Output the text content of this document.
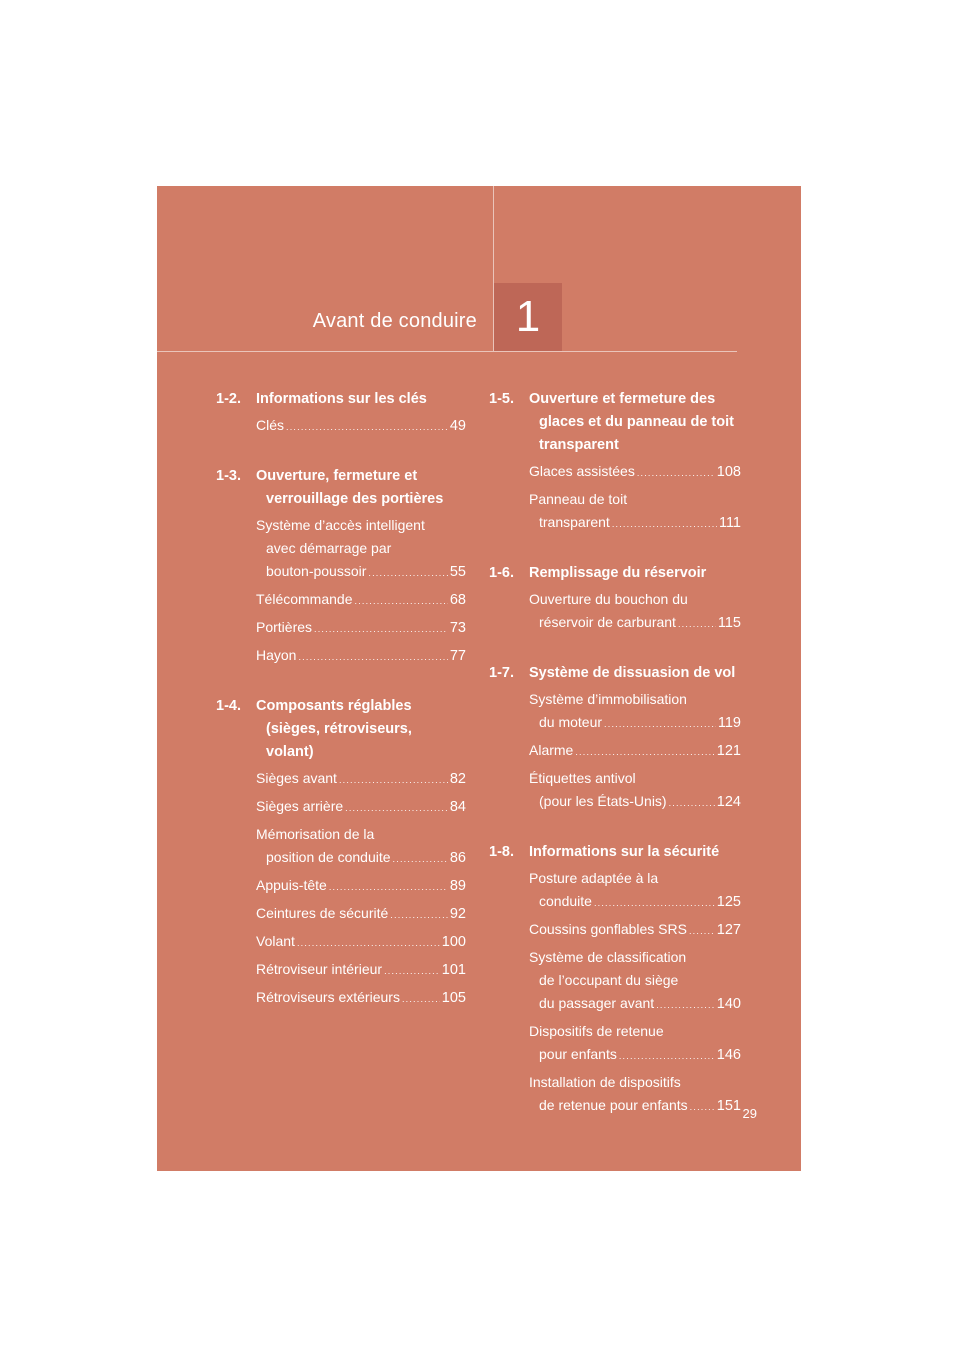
Avant de conduire 1
1-2.	Informations sur les clés
Clés .....	49
1-3.	Ouverture, fermeture et
verrouillage des portières
Système d’accès intelligent
avec démarrage par
bouton-poussoir .....	55
Télécommande .....	68
Portières .....	73
Hayon .....	77
1-4.	Composants réglables
(sièges, rétroviseurs,
volant)
Sièges avant .....	82
Sièges arrière .....	84
Mémorisation de la
position de conduite .....	86
Appuis-tête .....	89
Ceintures de sécurité .....	92
Volant .....	100
Rétroviseur intérieur .....	101
Rétroviseurs extérieurs .....	105
1-5.	Ouverture et fermeture des
glaces et du panneau de toit
transparent
Glaces assistées .....	108
Panneau de toit
transparent .....	111
1-6.	Remplissage du réservoir
Ouverture du bouchon du
réservoir de carburant .....	115
1-7.	Système de dissuasion de vol
Système d’immobilisation
du moteur .....	119
Alarme .....	121
Étiquettes antivol
(pour les États-Unis) .....	124
1-8.	Informations sur la sécurité
Posture adaptée à la
conduite .....	125
Coussins gonflables SRS ..... 127
Système de classification
de l’occupant du siège
du passager avant .....	140
Dispositifs de retenue
pour enfants .....	146
Installation de dispositifs
de retenue pour enfants ..... 151 29
